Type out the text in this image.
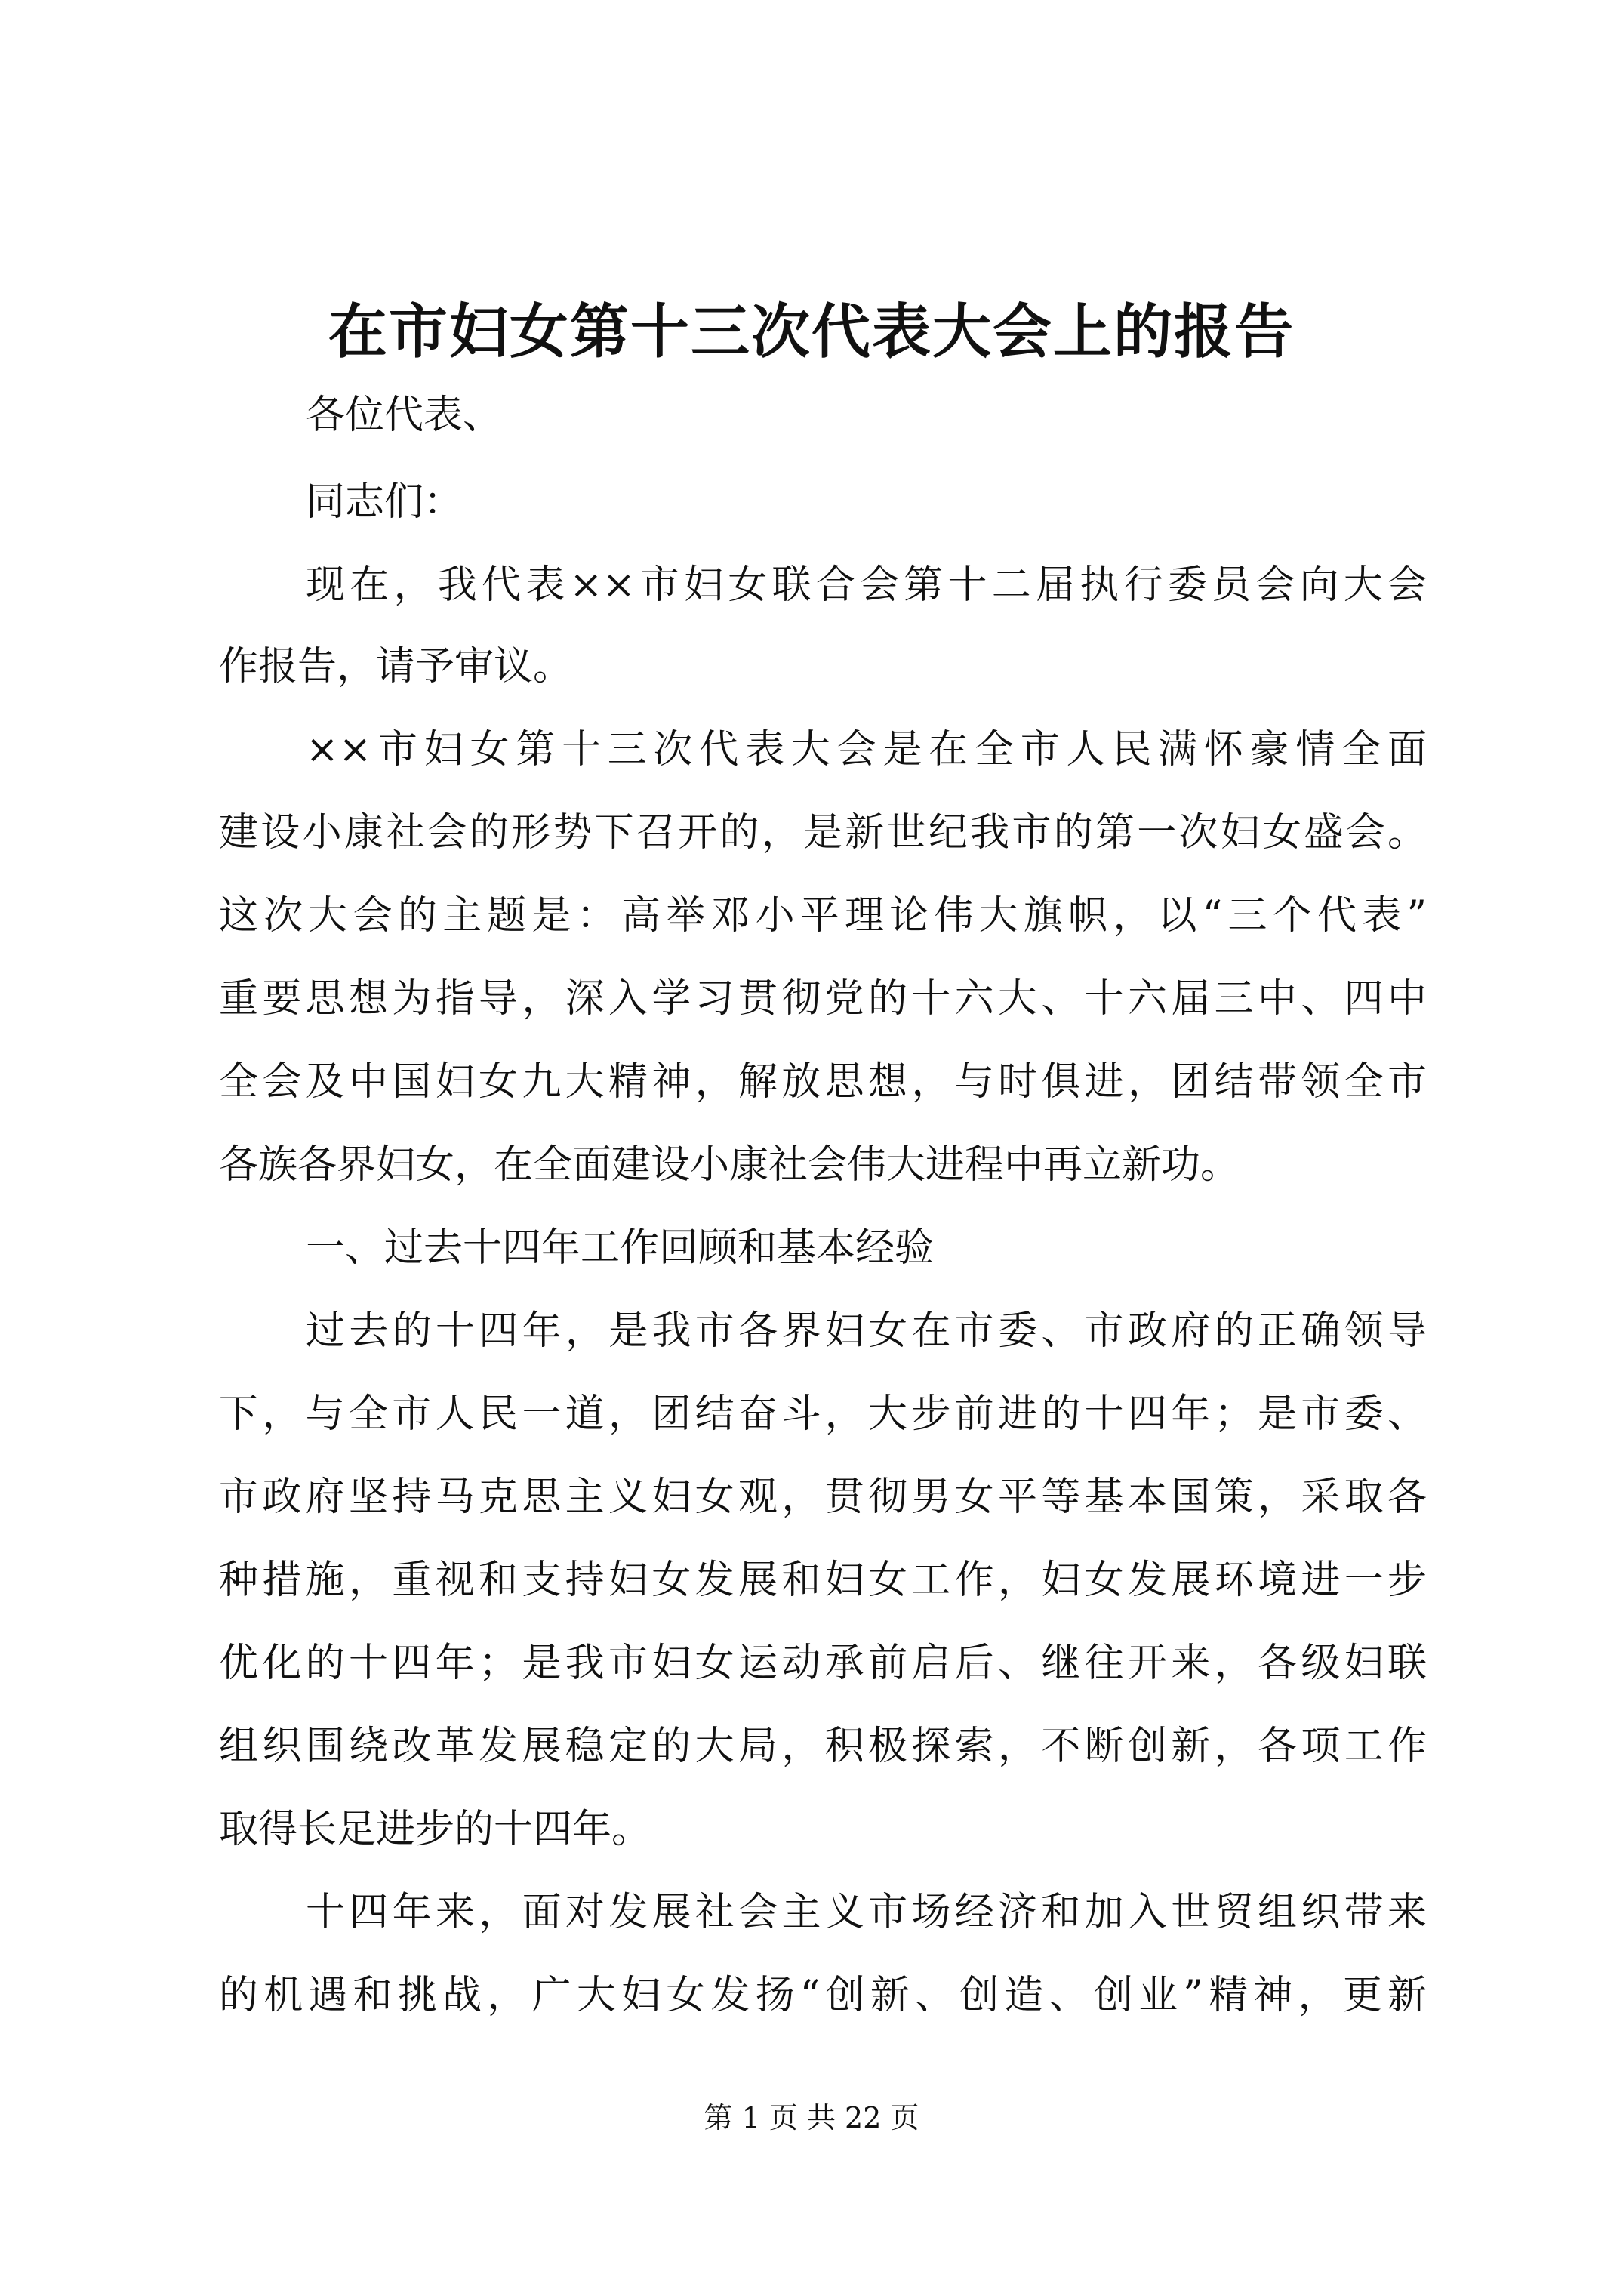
在市妇女第十三次代表大会上的报告

各位代表、

同志们：

现在，我代表××市妇女联合会第十二届执行委员会向大会

作报告，请予审议。

××市妇女第十三次代表大会是在全市人民满怀豪情全面

建设小康社会的形势下召开的，是新世纪我市的第一次妇女盛会。

这次大会的主题是：高举邓小平理论伟大旗帜，以“三个代表”

重要思想为指导，深入学习贯彻党的十六大、十六届三中、四中

全会及中国妇女九大精神，解放思想，与时俱进，团结带领全市

各族各界妇女，在全面建设小康社会伟大进程中再立新功。

一、过去十四年工作回顾和基本经验

过去的十四年，是我市各界妇女在市委、市政府的正确领导

下，与全市人民一道，团结奋斗，大步前进的十四年；是市委、

市政府坚持马克思主义妇女观，贯彻男女平等基本国策，采取各

种措施，重视和支持妇女发展和妇女工作，妇女发展环境进一步

优化的十四年；是我市妇女运动承前启后、继往开来，各级妇联

组织围绕改革发展稳定的大局，积极探索，不断创新，各项工作

取得长足进步的十四年。

十四年来，面对发展社会主义市场经济和加入世贸组织带来

的机遇和挑战，广大妇女发扬“创新、创造、创业”精神，更新

第 1 页 共 22 页
